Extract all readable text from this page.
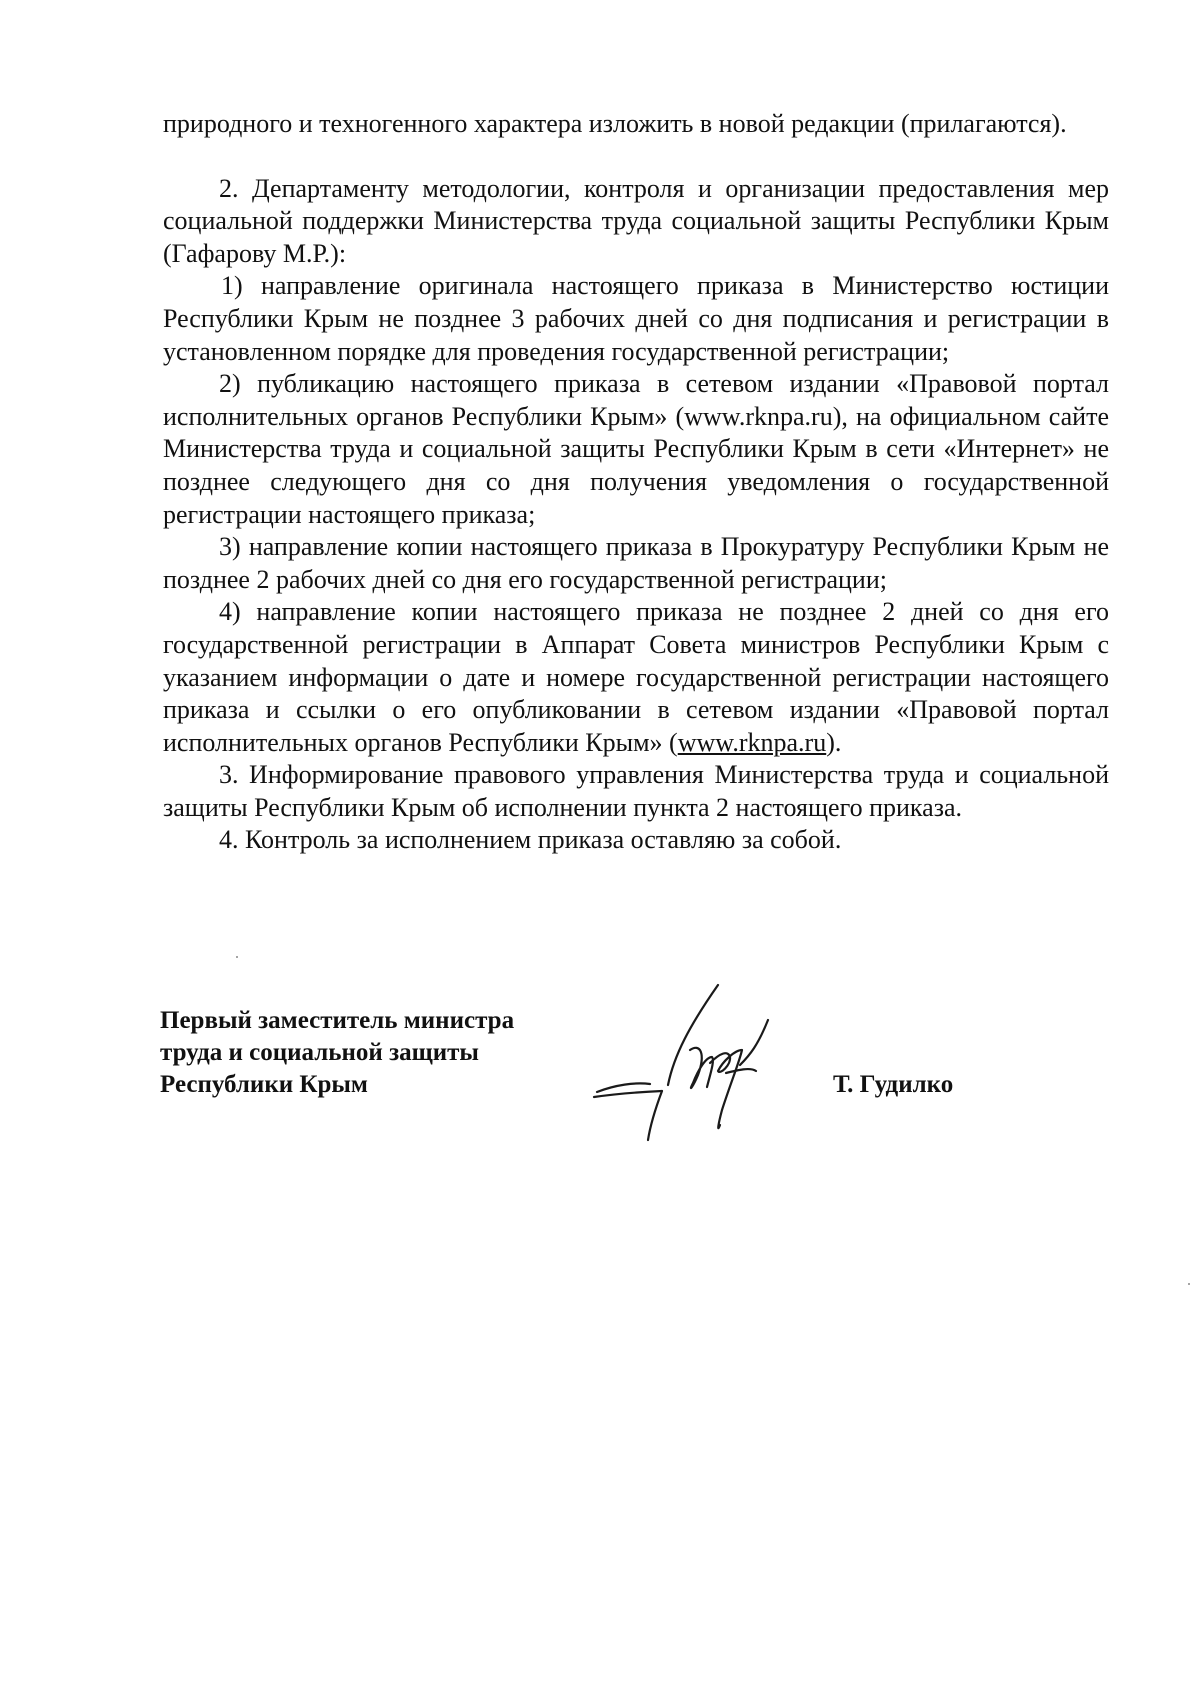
природного и техногенного характера изложить в новой редакции (прилагаются).

2. Департаменту методологии, контроля и организации предоставления мер социальной поддержки Министерства труда социальной защиты Республики Крым (Гафарову М.Р.):

1) направление оригинала настоящего приказа в Министерство юстиции Республики Крым не позднее 3 рабочих дней со дня подписания и регистрации в установленном порядке для проведения государственной регистрации;

2) публикацию настоящего приказа в сетевом издании «Правовой портал исполнительных органов Республики Крым» (www.rknpa.ru), на официальном сайте Министерства труда и социальной защиты Республики Крым в сети «Интернет» не позднее следующего дня со дня получения уведомления о государственной регистрации настоящего приказа;

3) направление копии настоящего приказа в Прокуратуру Республики Крым не позднее 2 рабочих дней со дня его государственной регистрации;

4) направление копии настоящего приказа не позднее 2 дней со дня его государственной регистрации в Аппарат Совета министров Республики Крым с указанием информации о дате и номере государственной регистрации настоящего приказа и ссылки о его опубликовании в сетевом издании «Правовой портал исполнительных органов Республики Крым» (www.rknpa.ru).

3. Информирование правового управления Министерства труда и социальной защиты Республики Крым об исполнении пункта 2 настоящего приказа.

4. Контроль за исполнением приказа оставляю за собой.

Первый заместитель министра
труда и социальной защиты
Республики Крым	Т. Гудилко
